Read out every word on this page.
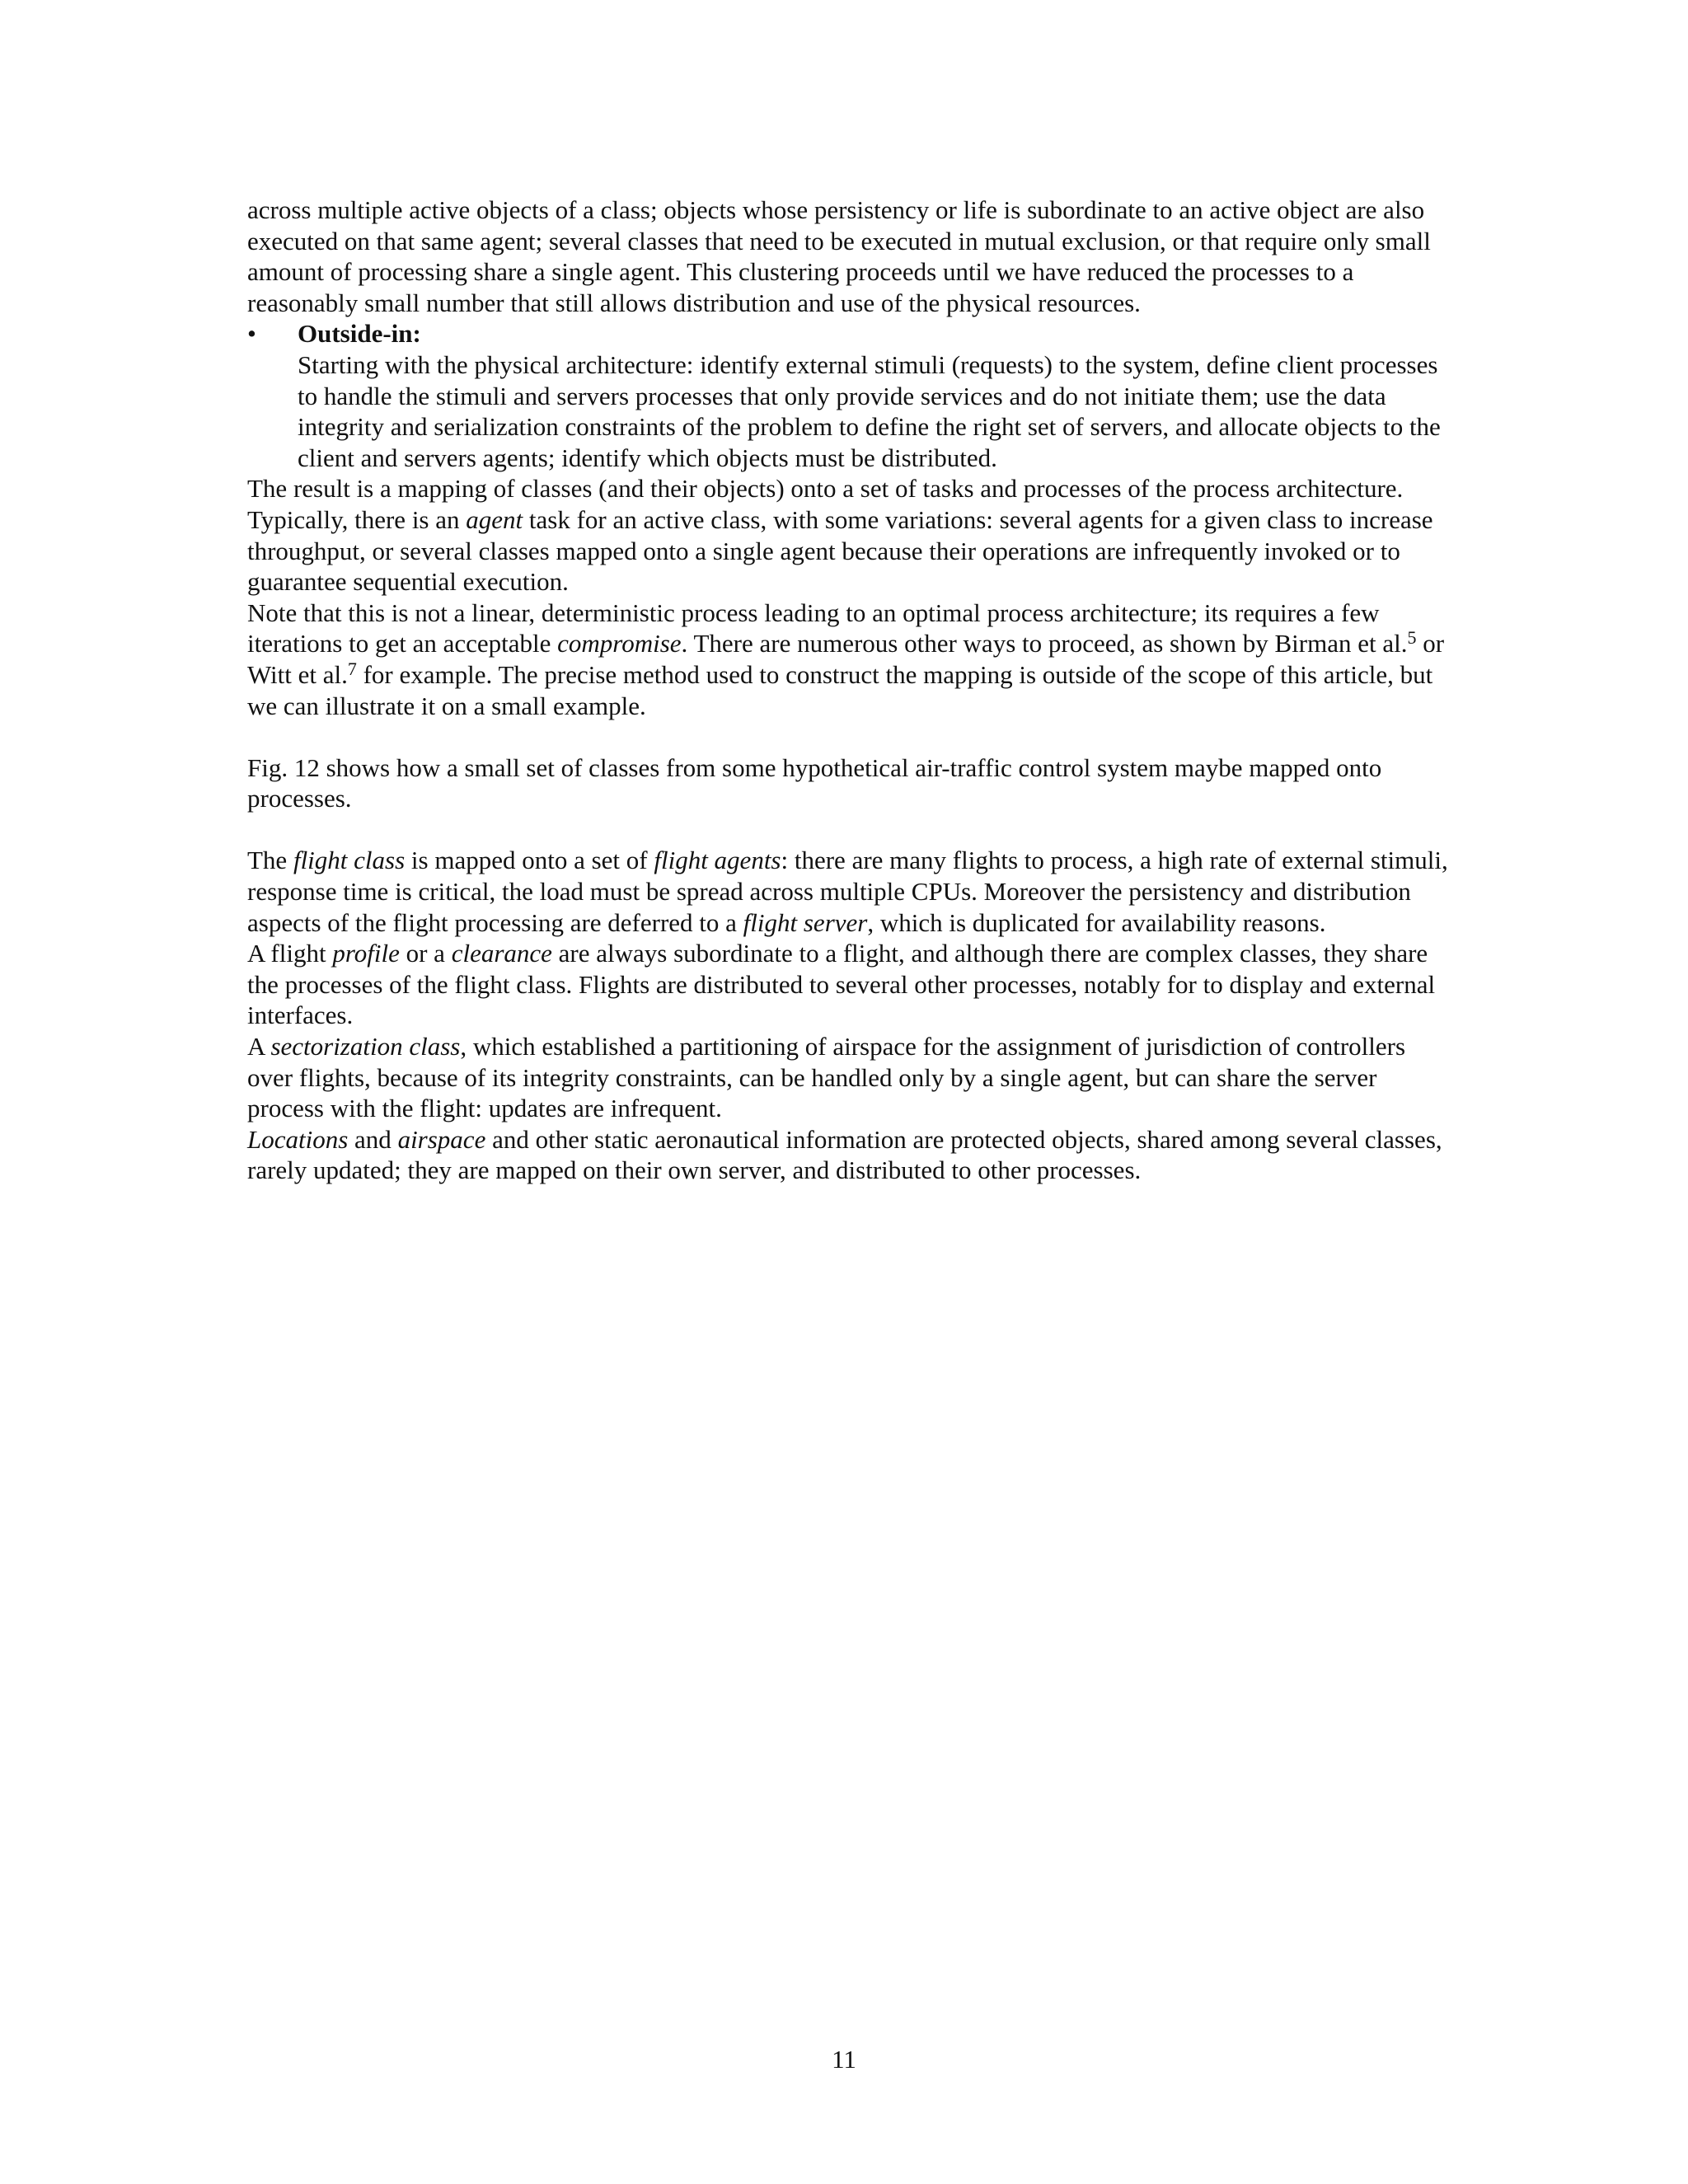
across multiple active objects of a class; objects whose persistency or life is subordinate to an active object are also executed on that same agent; several classes that need to be executed in mutual exclusion, or that require only small amount of processing share a single agent. This clustering proceeds until we have reduced the processes to a reasonably small number that still allows distribution and use of the physical resources.

•	Outside-in:

Starting with the physical architecture: identify external stimuli (requests) to the system, define client processes to handle the stimuli and servers processes that only provide services and do not initiate them; use the data integrity and serialization constraints of the problem to define the right set of servers, and allocate objects to the client and servers agents; identify which objects must be distributed.

The result is a mapping of classes (and their objects) onto a set of tasks and processes of the process architecture. Typically, there is an agent task for an active class, with some variations: several agents for a given class to increase throughput, or several classes mapped onto a single agent because their operations are infrequently invoked or to guarantee sequential execution.

Note that this is not a linear, deterministic process leading to an optimal process architecture; its requires a few iterations to get an acceptable compromise. There are numerous other ways to proceed, as shown by Birman et al.$^5$ or Witt et al.$^7$ for example. The precise method used to construct the mapping is outside of the scope of this article, but we can illustrate it on a small example.

Fig. 12 shows how a small set of classes from some hypothetical air-traffic control system maybe mapped onto processes.

The flight class is mapped onto a set of flight agents: there are many flights to process, a high rate of external stimuli, response time is critical, the load must be spread across multiple CPUs. Moreover the persistency and distribution aspects of the flight processing are deferred to a flight server, which is duplicated for availability reasons.

A flight profile or a clearance are always subordinate to a flight, and although there are complex classes, they share the processes of the flight class. Flights are distributed to several other processes, notably for to display and external interfaces.

A sectorization class, which established a partitioning of airspace for the assignment of jurisdiction of controllers over flights, because of its integrity constraints, can be handled only by a single agent, but can share the server process with the flight: updates are infrequent.

Locations and airspace and other static aeronautical information are protected objects, shared among several classes, rarely updated; they are mapped on their own server, and distributed to other processes.

11
